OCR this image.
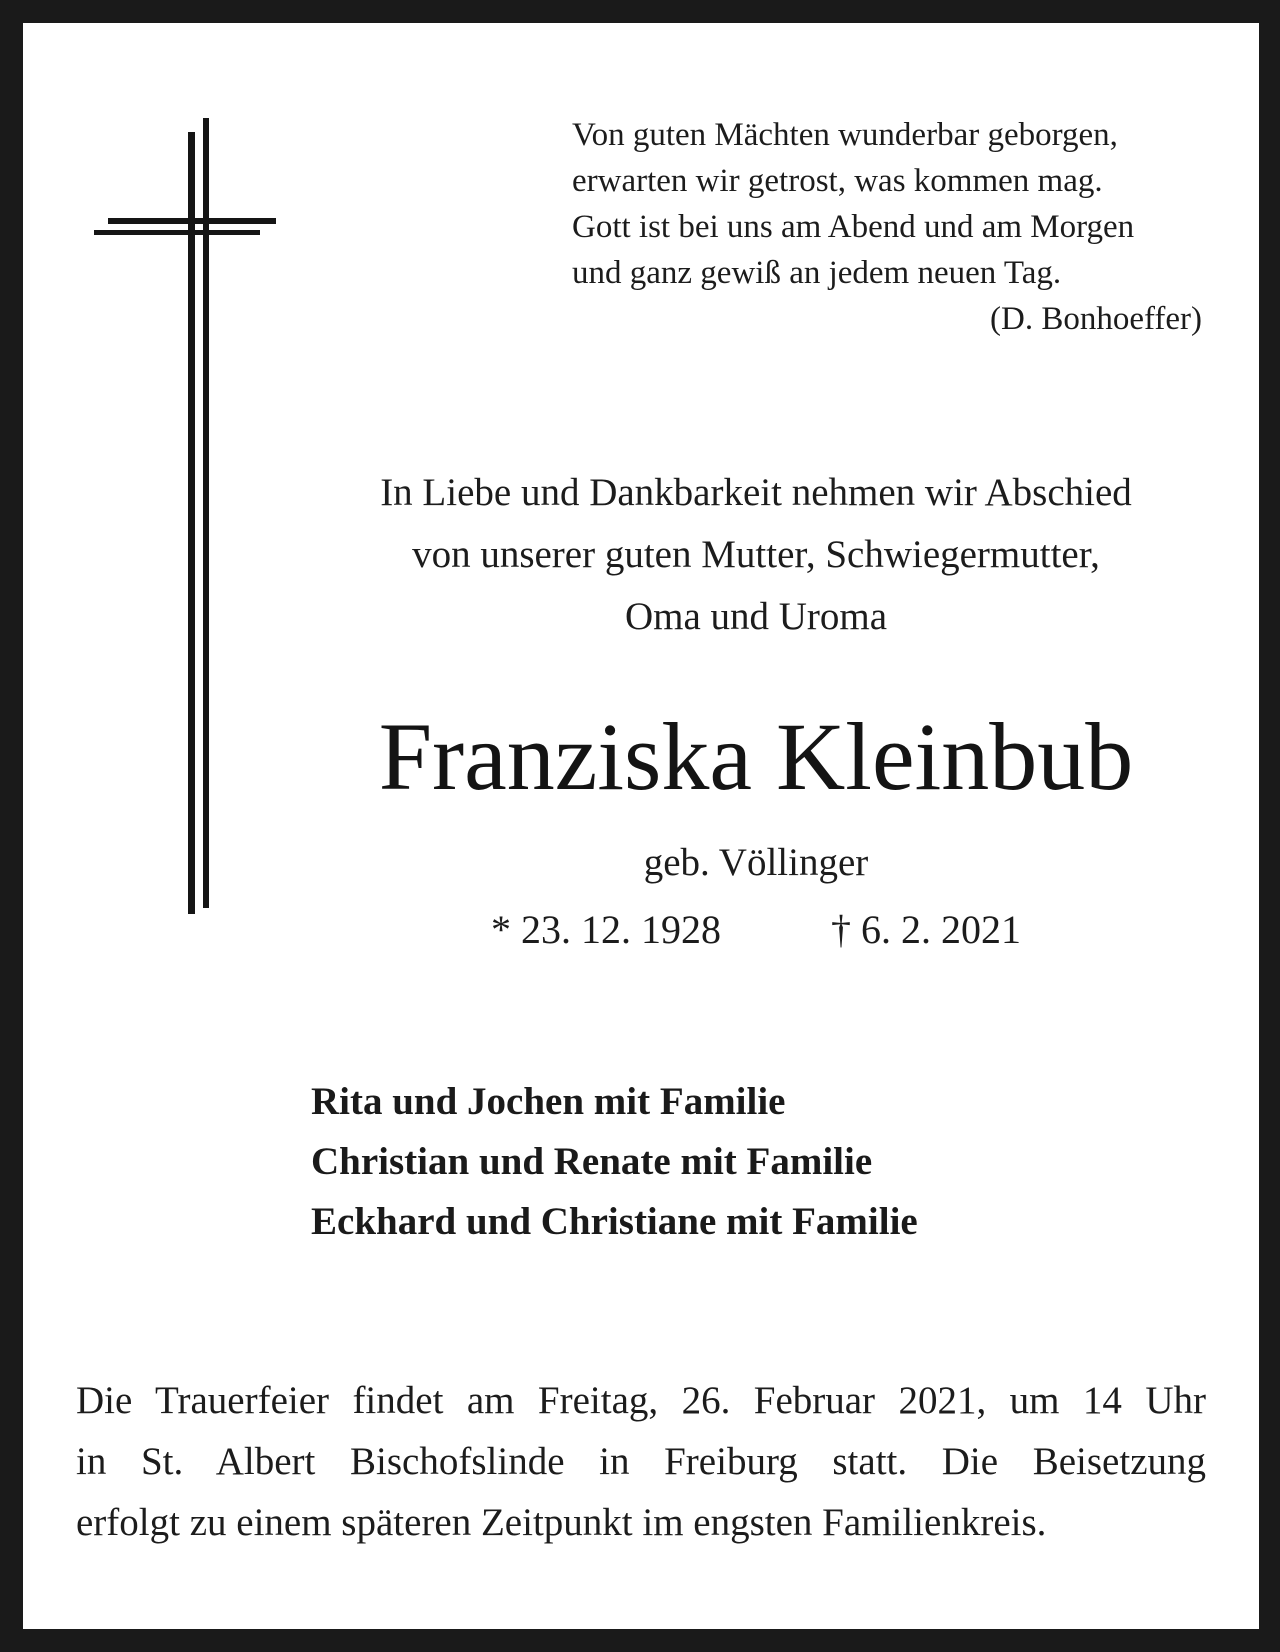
Von guten Mächten wunderbar geborgen,
erwarten wir getrost, was kommen mag.
Gott ist bei uns am Abend und am Morgen
und ganz gewiß an jedem neuen Tag.
(D. Bonhoeffer)
In Liebe und Dankbarkeit nehmen wir Abschied
von unserer guten Mutter, Schwiegermutter,
Oma und Uroma
Franziska Kleinbub
geb. Völlinger
* 23. 12. 1928	† 6. 2. 2021
Rita und Jochen mit Familie
Christian und Renate mit Familie
Eckhard und Christiane mit Familie
Die Trauerfeier findet am Freitag, 26. Februar 2021, um 14 Uhr
in St. Albert Bischofslinde in Freiburg statt. Die Beisetzung
erfolgt zu einem späteren Zeitpunkt im engsten Familienkreis.
